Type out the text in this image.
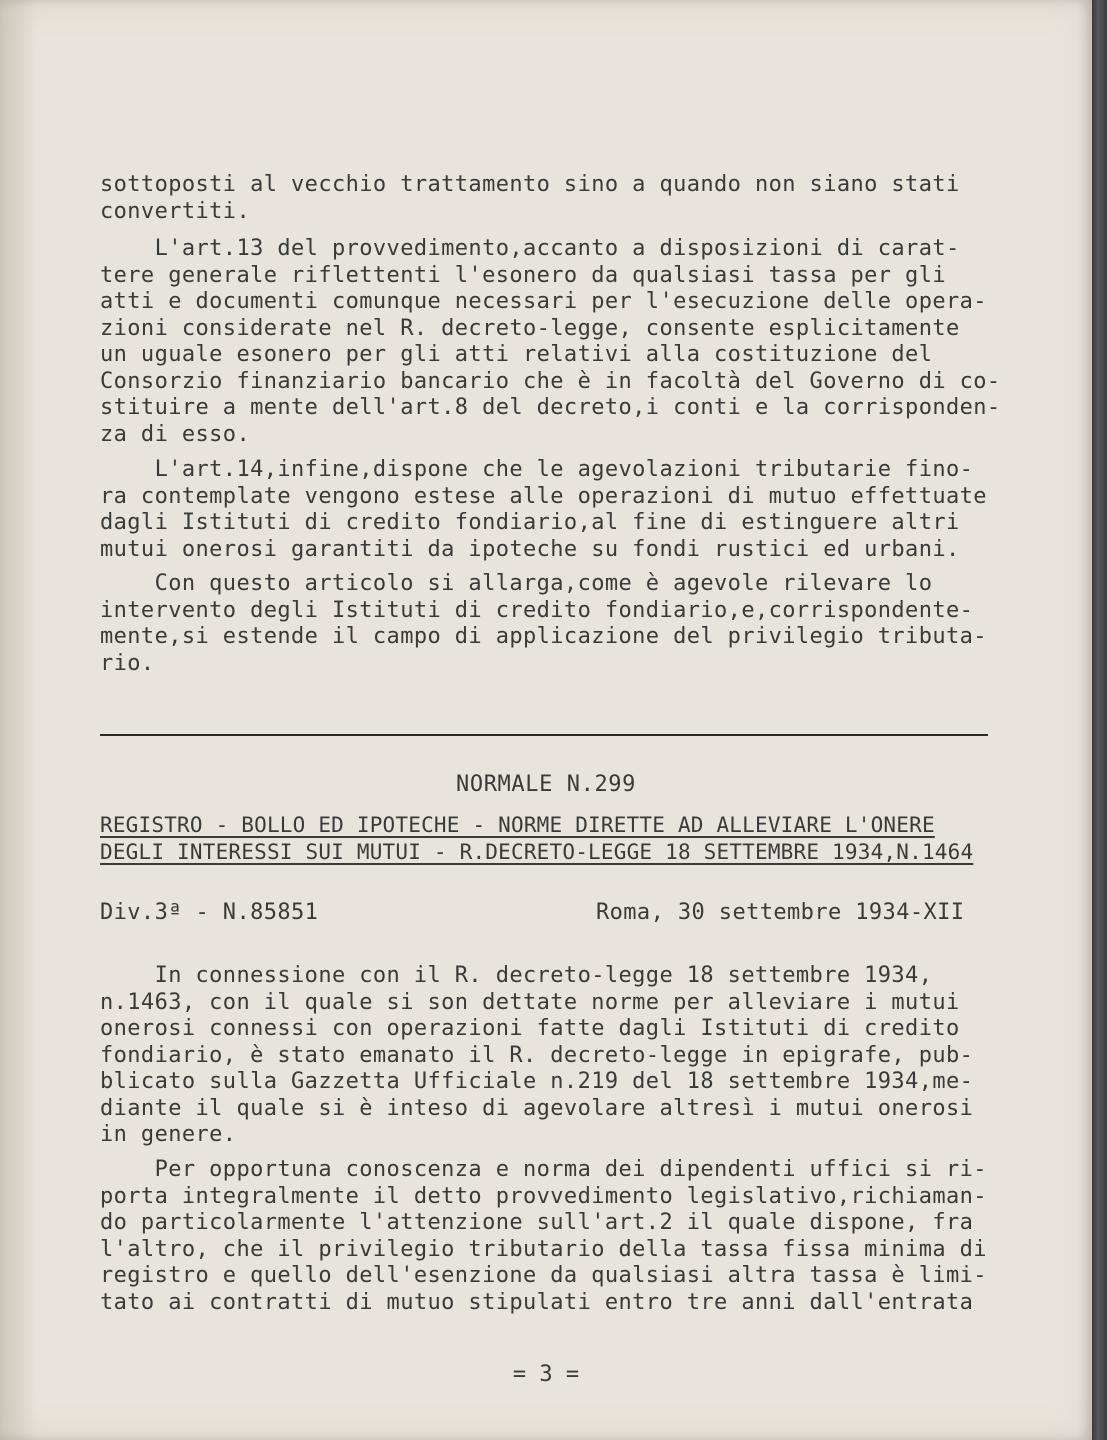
sottoposti al vecchio trattamento sino a quando non siano stati
convertiti.
L'art.13 del provvedimento,accanto a disposizioni di carat-
tere generale riflettenti l'esonero da qualsiasi tassa per gli
atti e documenti comunque necessari per l'esecuzione delle opera-
zioni considerate nel R. decreto-legge, consente esplicitamente
un uguale esonero per gli atti relativi alla costituzione del
Consorzio finanziario bancario che è in facoltà del Governo di co-
stituire a mente dell'art.8 del decreto,i conti e la corrisponden-
za di esso.
L'art.14,infine,dispone che le agevolazioni tributarie fino-
ra contemplate vengono estese alle operazioni di mutuo effettuate
dagli Istituti di credito fondiario,al fine di estinguere altri
mutui onerosi garantiti da ipoteche su fondi rustici ed urbani.
Con questo articolo si allarga,come è agevole rilevare lo
intervento degli Istituti di credito fondiario,e,corrispondente-
mente,si estende il campo di applicazione del privilegio tributa-
rio.
NORMALE N.299
REGISTRO - BOLLO ED IPOTECHE - NORME DIRETTE AD ALLEVIARE L'ONERE
DEGLI INTERESSI SUI MUTUI - R.DECRETO-LEGGE 18 SETTEMBRE 1934,N.1464
Div.3ª - N.85851	Roma, 30 settembre 1934-XII
In connessione con il R. decreto-legge 18 settembre 1934,
n.1463, con il quale si son dettate norme per alleviare i mutui
onerosi connessi con operazioni fatte dagli Istituti di credito
fondiario, è stato emanato il R. decreto-legge in epigrafe, pub-
blicato sulla Gazzetta Ufficiale n.219 del 18 settembre 1934,me-
diante il quale si è inteso di agevolare altresì i mutui onerosi
in genere.
Per opportuna conoscenza e norma dei dipendenti uffici si ri-
porta integralmente il detto provvedimento legislativo,richiaman-
do particolarmente l'attenzione sull'art.2 il quale dispone, fra
l'altro, che il privilegio tributario della tassa fissa minima di
registro e quello dell'esenzione da qualsiasi altra tassa è limi-
tato ai contratti di mutuo stipulati entro tre anni dall'entrata
= 3 =
